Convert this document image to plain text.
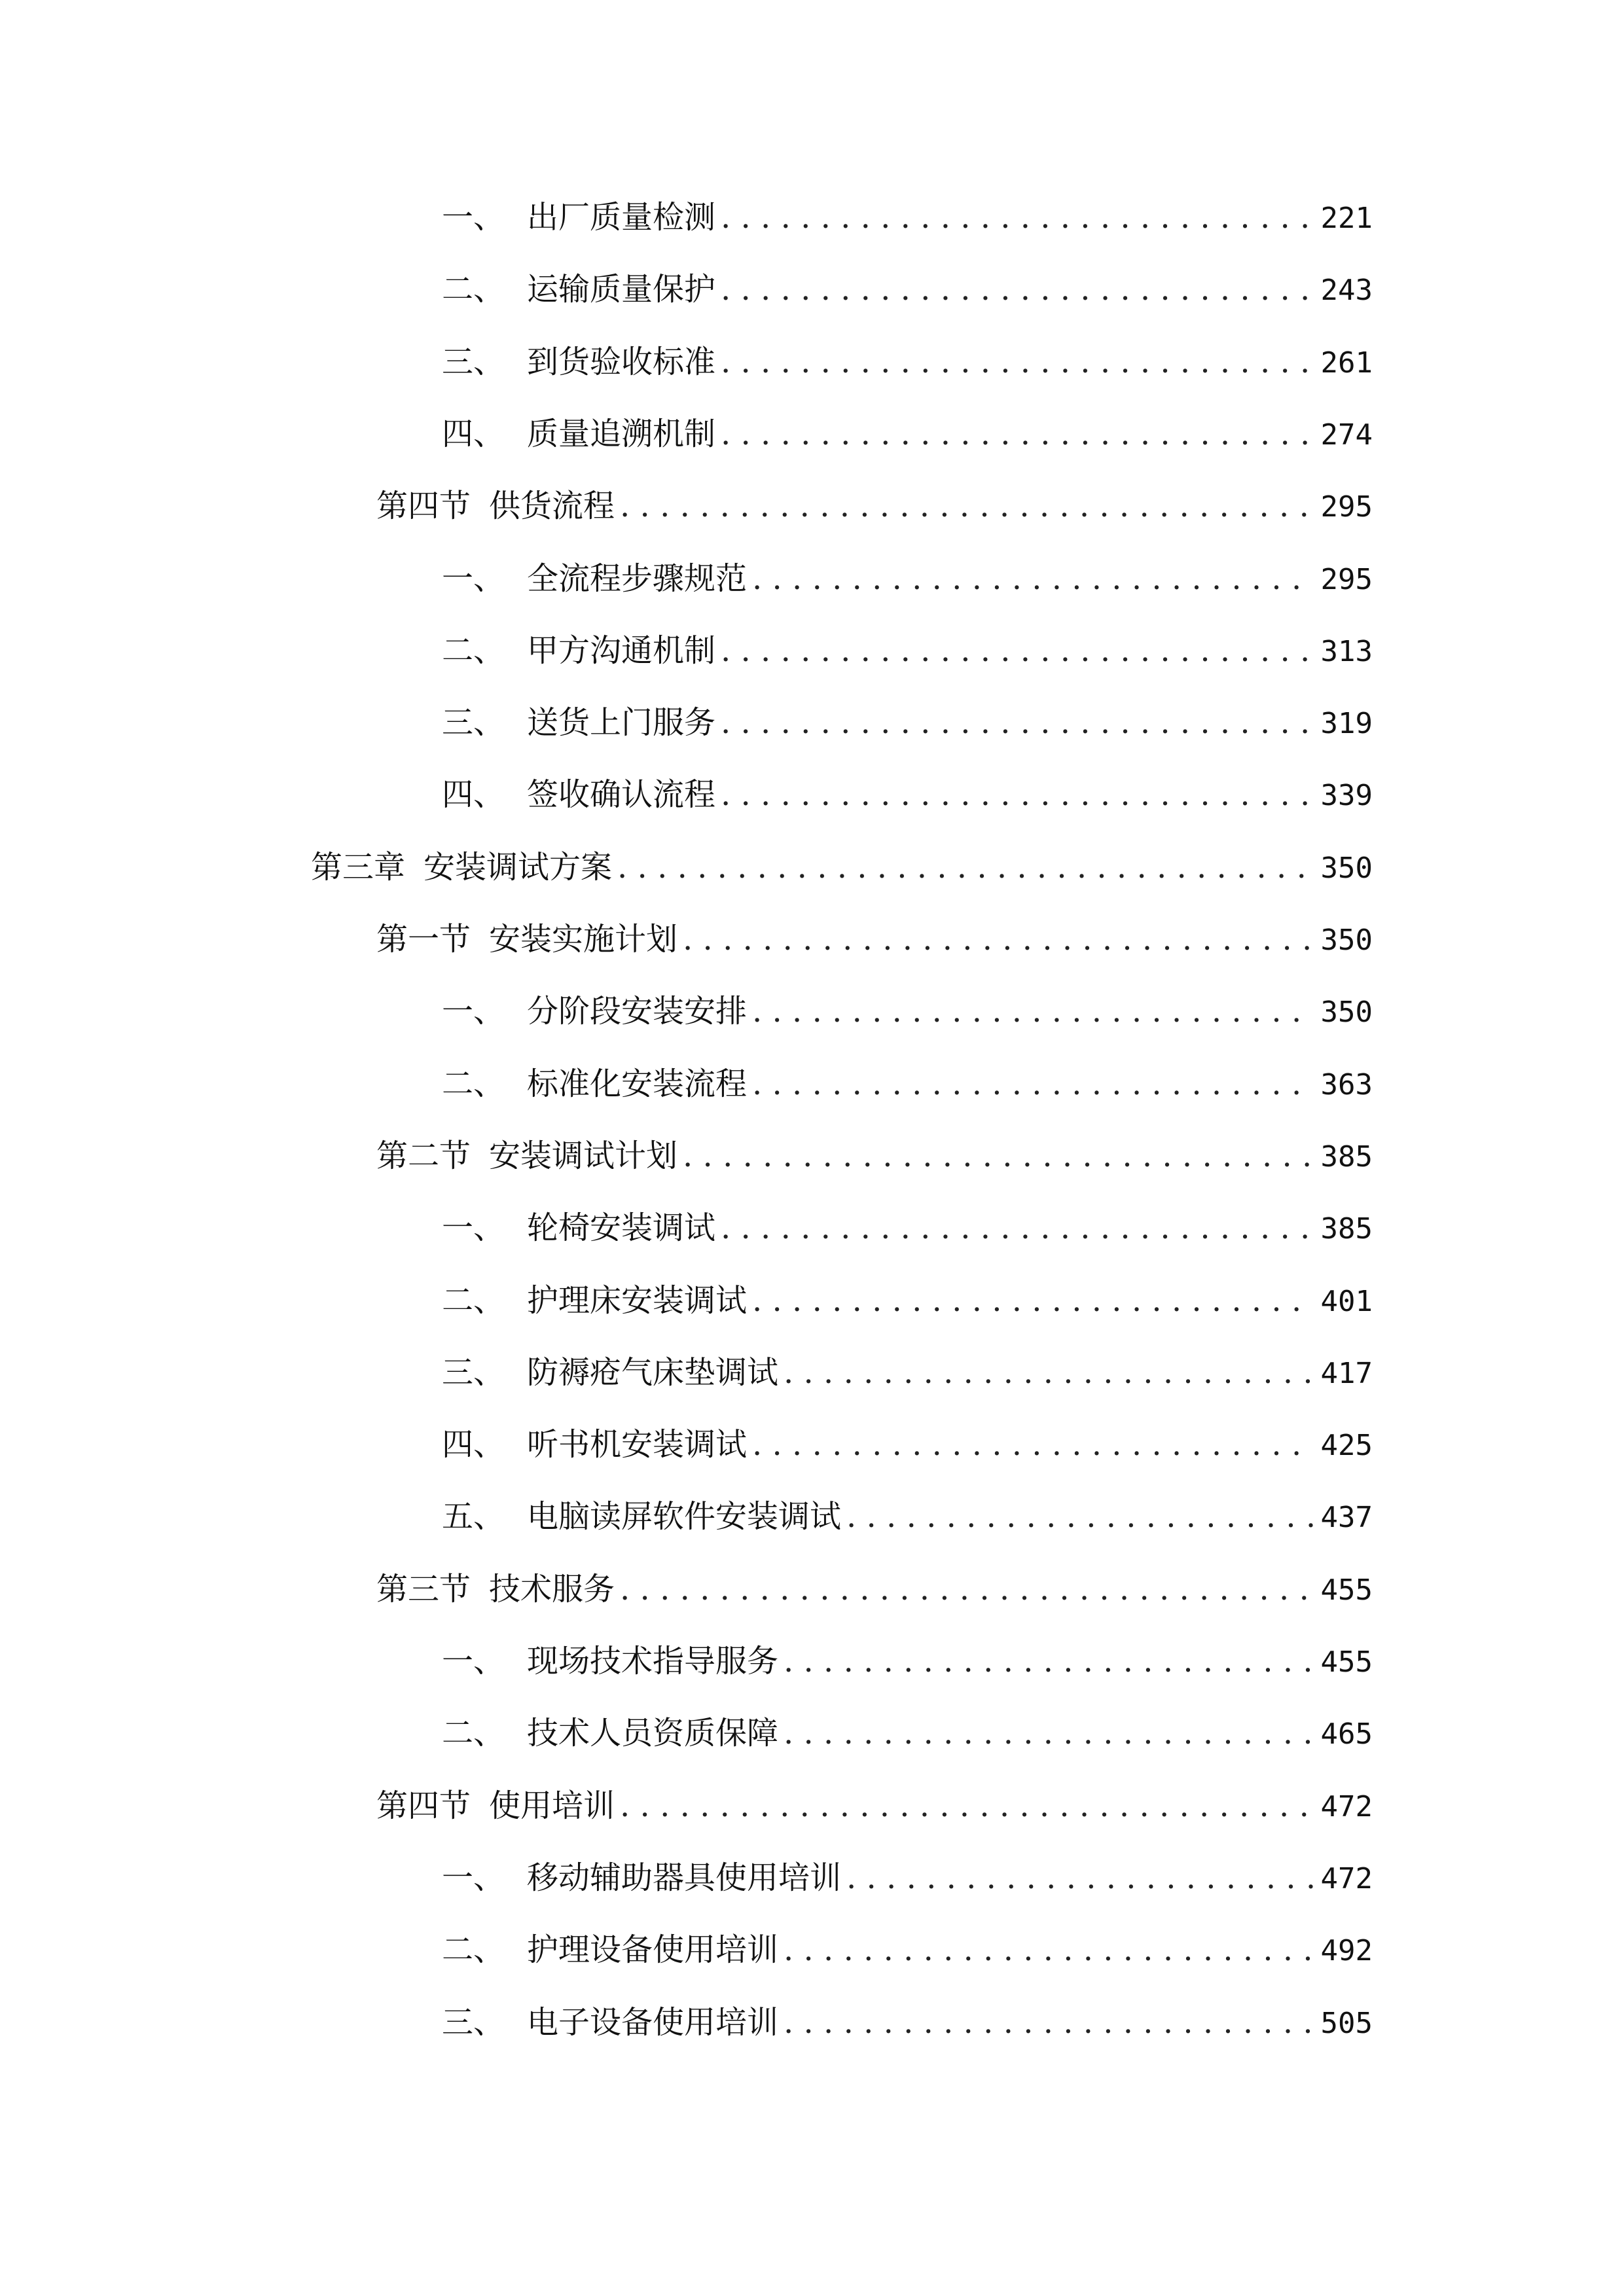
一、 出厂质量检测 . . .	221
二、 运输质量保护 . . .	243
三、 到货验收标准 . . .	261
四、 质量追溯机制 . . .	274
第四节 供货流程 . . .	295
一、 全流程步骤规范 . . .	295
二、 甲方沟通机制 . . .	313
三、 送货上门服务 . . .	319
四、 签收确认流程 . . .	339
第三章 安装调试方案 . . .	350
第一节 安装实施计划 . . .	350
一、 分阶段安装安排 . . .	350
二、 标准化安装流程 . . .	363
第二节 安装调试计划 . . .	385
一、 轮椅安装调试 . . .	385
二、 护理床安装调试 . . .	401
三、 防褥疮气床垫调试 . . .	417
四、 听书机安装调试 . . .	425
五、 电脑读屏软件安装调试 . . .	437
第三节 技术服务 . . .	455
一、 现场技术指导服务 . . .	455
二、 技术人员资质保障 . . .	465
第四节 使用培训 . . .	472
一、 移动辅助器具使用培训 . . .	472
二、 护理设备使用培训 . . .	492
三、 电子设备使用培训 . . .	505
